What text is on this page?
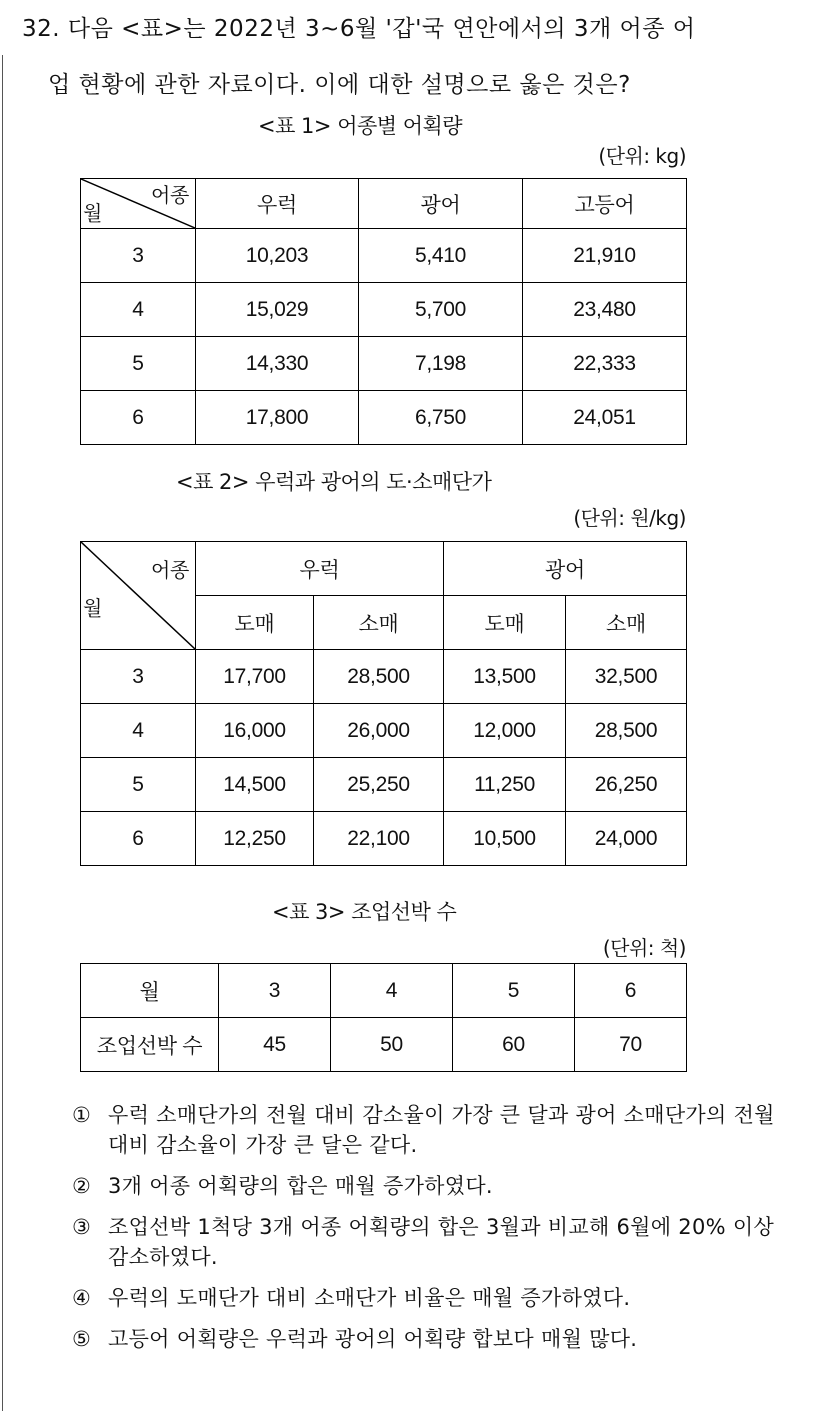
32. 다음 <표>는 2022년 3~6월 '갑'국 연안에서의 3개 어종 어
업 현황에 관한 자료이다. 이에 대한 설명으로 옳은 것은?
<표 1> 어종별 어획량
(단위: kg)
어종
월	우럭	광어	고등어
3	10,203	5,410	21,910
4	15,029	5,700	23,480
5	14,330	7,198	22,333
6	17,800	6,750	24,051
<표 2> 우럭과 광어의 도·소매단가
(단위: 원/kg)
어종
월	우럭		광어	
	도매	소매	도매	소매
3	17,700	28,500	13,500	32,500
4	16,000	26,000	12,000	28,500
5	14,500	25,250	11,250	26,250
6	12,250	22,100	10,500	24,000
<표 3> 조업선박 수
(단위: 척)
월	3	4	5	6
조업선박 수	45	50	60	70
① 우럭 소매단가의 전월 대비 감소율이 가장 큰 달과 광어 소매단가의 전월 대비 감소율이 가장 큰 달은 같다.
② 3개 어종 어획량의 합은 매월 증가하였다.
③ 조업선박 1척당 3개 어종 어획량의 합은 3월과 비교해 6월에 20% 이상 감소하였다.
④ 우럭의 도매단가 대비 소매단가 비율은 매월 증가하였다.
⑤ 고등어 어획량은 우럭과 광어의 어획량 합보다 매월 많다.
